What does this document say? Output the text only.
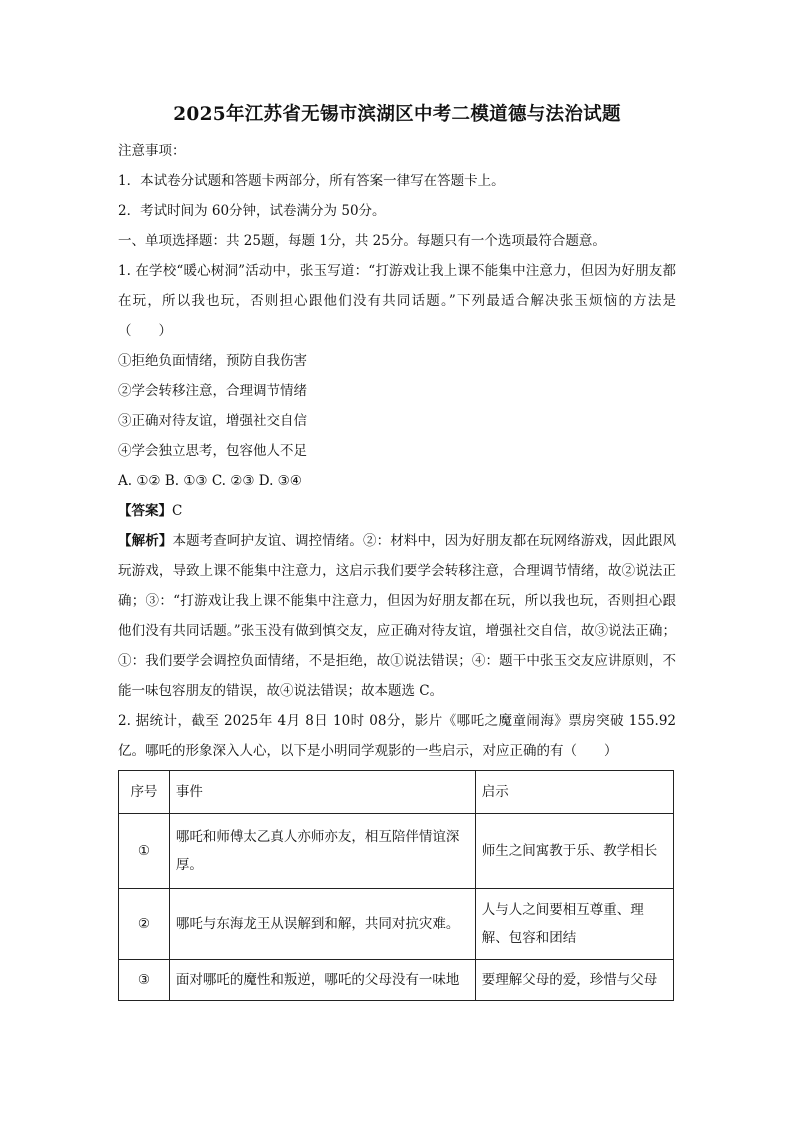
2025年江苏省无锡市滨湖区中考二模道德与法治试题
注意事项：
1．本试卷分试题和答题卡两部分，所有答案一律写在答题卡上。
2．考试时间为 60分钟，试卷满分为 50分。
一、单项选择题：共 25题，每题 1分，共 25分。每题只有一个选项最符合题意。
1. 在学校“暖心树洞”活动中，张玉写道：“打游戏让我上课不能集中注意力，但因为好朋友都在玩，所以我也玩，否则担心跟他们没有共同话题。”下列最适合解决张玉烦恼的方法是（　　）
①拒绝负面情绪，预防自我伤害
②学会转移注意，合理调节情绪
③正确对待友谊，增强社交自信
④学会独立思考，包容他人不足
A. ①② B. ①③ C. ②③ D. ③④
【答案】C
【解析】本题考查呵护友谊、调控情绪。②：材料中，因为好朋友都在玩网络游戏，因此跟风玩游戏，导致上课不能集中注意力，这启示我们要学会转移注意，合理调节情绪，故②说法正确；③：“打游戏让我上课不能集中注意力，但因为好朋友都在玩，所以我也玩，否则担心跟他们没有共同话题。”张玉没有做到慎交友，应正确对待友谊，增强社交自信，故③说法正确；①：我们要学会调控负面情绪，不是拒绝，故①说法错误；④：题干中张玉交友应讲原则，不能一味包容朋友的错误，故④说法错误；故本题选 C。
2. 据统计，截至 2025年 4月 8日 10时 08分，影片《哪吒之魔童闹海》票房突破 155.92亿。哪吒的形象深入人心，以下是小明同学观影的一些启示，对应正确的有（　　）
序号	事件	启示
①	哪吒和师傅太乙真人亦师亦友，相互陪伴情谊深厚。	师生之间寓教于乐、教学相长
②	哪吒与东海龙王从误解到和解，共同对抗灾难。	人与人之间要相互尊重、理解、包容和团结
③	面对哪吒的魔性和叛逆，哪吒的父母没有一味地	要理解父母的爱，珍惜与父母
